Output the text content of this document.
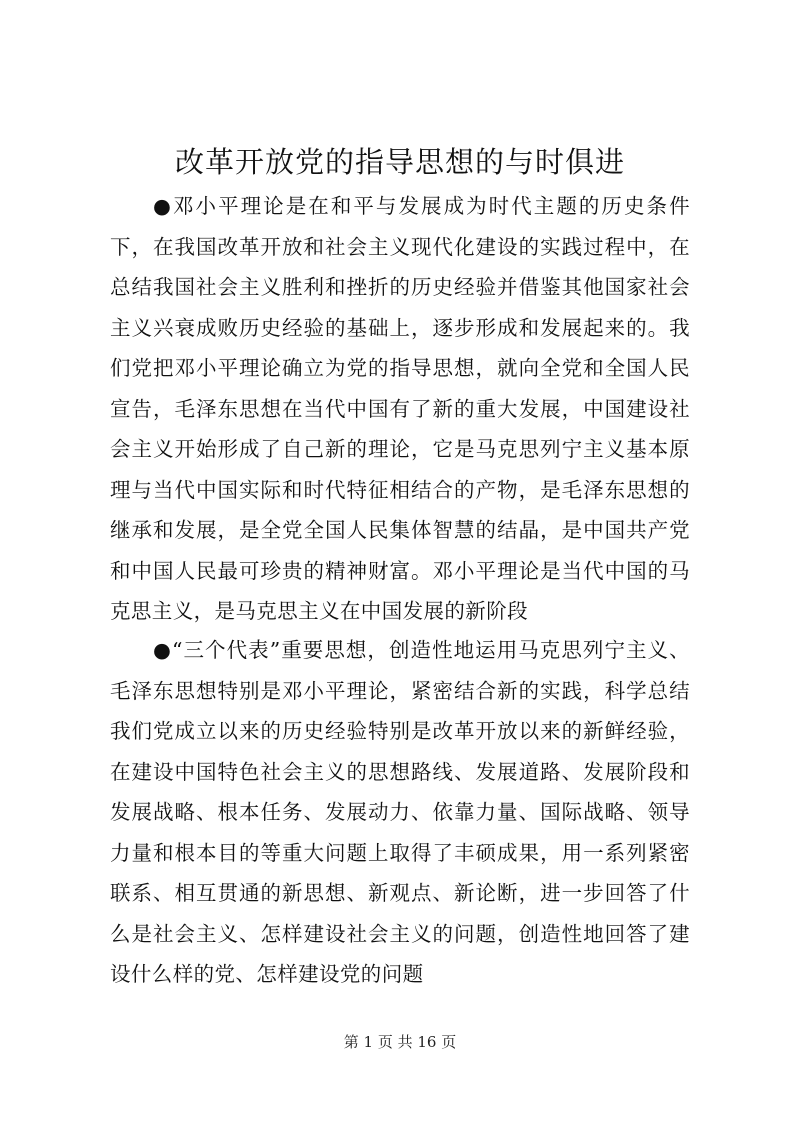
改革开放党的指导思想的与时俱进

●邓小平理论是在和平与发展成为时代主题的历史条件下，在我国改革开放和社会主义现代化建设的实践过程中，在总结我国社会主义胜利和挫折的历史经验并借鉴其他国家社会主义兴衰成败历史经验的基础上，逐步形成和发展起来的。我们党把邓小平理论确立为党的指导思想，就向全党和全国人民宣告，毛泽东思想在当代中国有了新的重大发展，中国建设社会主义开始形成了自己新的理论，它是马克思列宁主义基本原理与当代中国实际和时代特征相结合的产物，是毛泽东思想的继承和发展，是全党全国人民集体智慧的结晶，是中国共产党和中国人民最可珍贵的精神财富。邓小平理论是当代中国的马克思主义，是马克思主义在中国发展的新阶段

●“三个代表”重要思想，创造性地运用马克思列宁主义、毛泽东思想特别是邓小平理论，紧密结合新的实践，科学总结我们党成立以来的历史经验特别是改革开放以来的新鲜经验，在建设中国特色社会主义的思想路线、发展道路、发展阶段和发展战略、根本任务、发展动力、依靠力量、国际战略、领导力量和根本目的等重大问题上取得了丰硕成果，用一系列紧密联系、相互贯通的新思想、新观点、新论断，进一步回答了什么是社会主义、怎样建设社会主义的问题，创造性地回答了建设什么样的党、怎样建设党的问题

第 1 页 共 16 页
